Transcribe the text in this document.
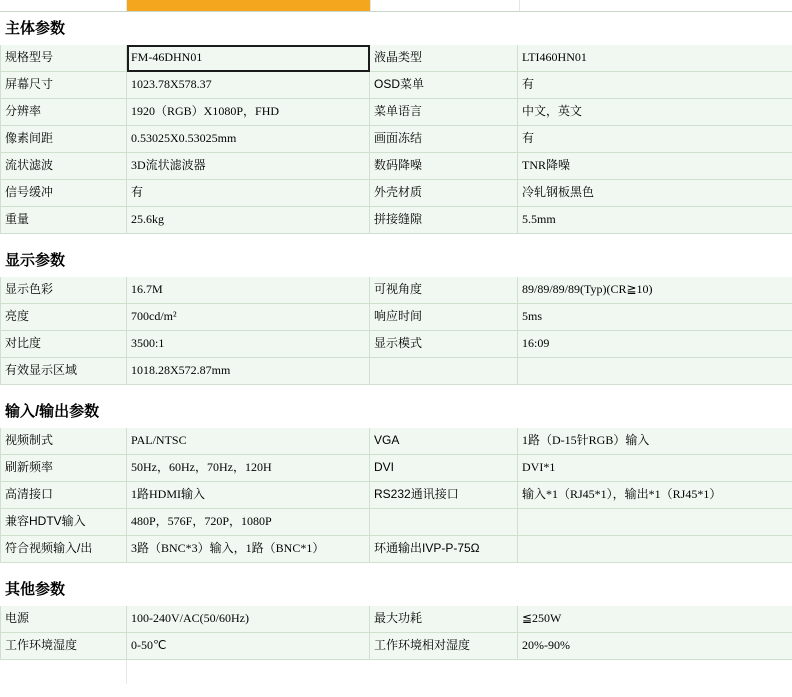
主体参数			
规格型号	FM-46DHN01	液晶类型	LTI460HN01
屏幕尺寸	1023.78X578.37	OSD菜单	有
分辨率	1920（RGB）X1080P，FHD	菜单语言	中文，英文
像素间距	0.53025X0.53025mm	画面冻结	有
流状滤波	3D流状滤波器	数码降噪	TNR降噪
信号缓冲	有	外壳材质	冷轧钢板黑色
重量	25.6kg	拼接缝隙	5.5mm

显示参数			
显示色彩	16.7M	可视角度	89/89/89/89(Typ)(CR≧10)
亮度	700cd/m²	响应时间	5ms
对比度	3500:1	显示模式	16:09
有效显示区域	1018.28X572.87mm		

输入/输出参数			
视频制式	PAL/NTSC	VGA	1路（D-15针RGB）输入
刷新频率	50Hz，60Hz，70Hz，120H	DVI	DVI*1
高清接口	1路HDMI输入	RS232通讯接口	输入*1（RJ45*1），输出*1（RJ45*1）
兼容HDTV输入	480P，576F，720P，1080P		
符合视频输入/出	3路（BNC*3）输入，1路（BNC*1）	环通输出IVP-P-75Ω	

其他参数			
电源	100-240V/AC(50/60Hz)	最大功耗	≦250W
工作环境湿度	0-50℃	工作环境相对湿度	20%-90%
